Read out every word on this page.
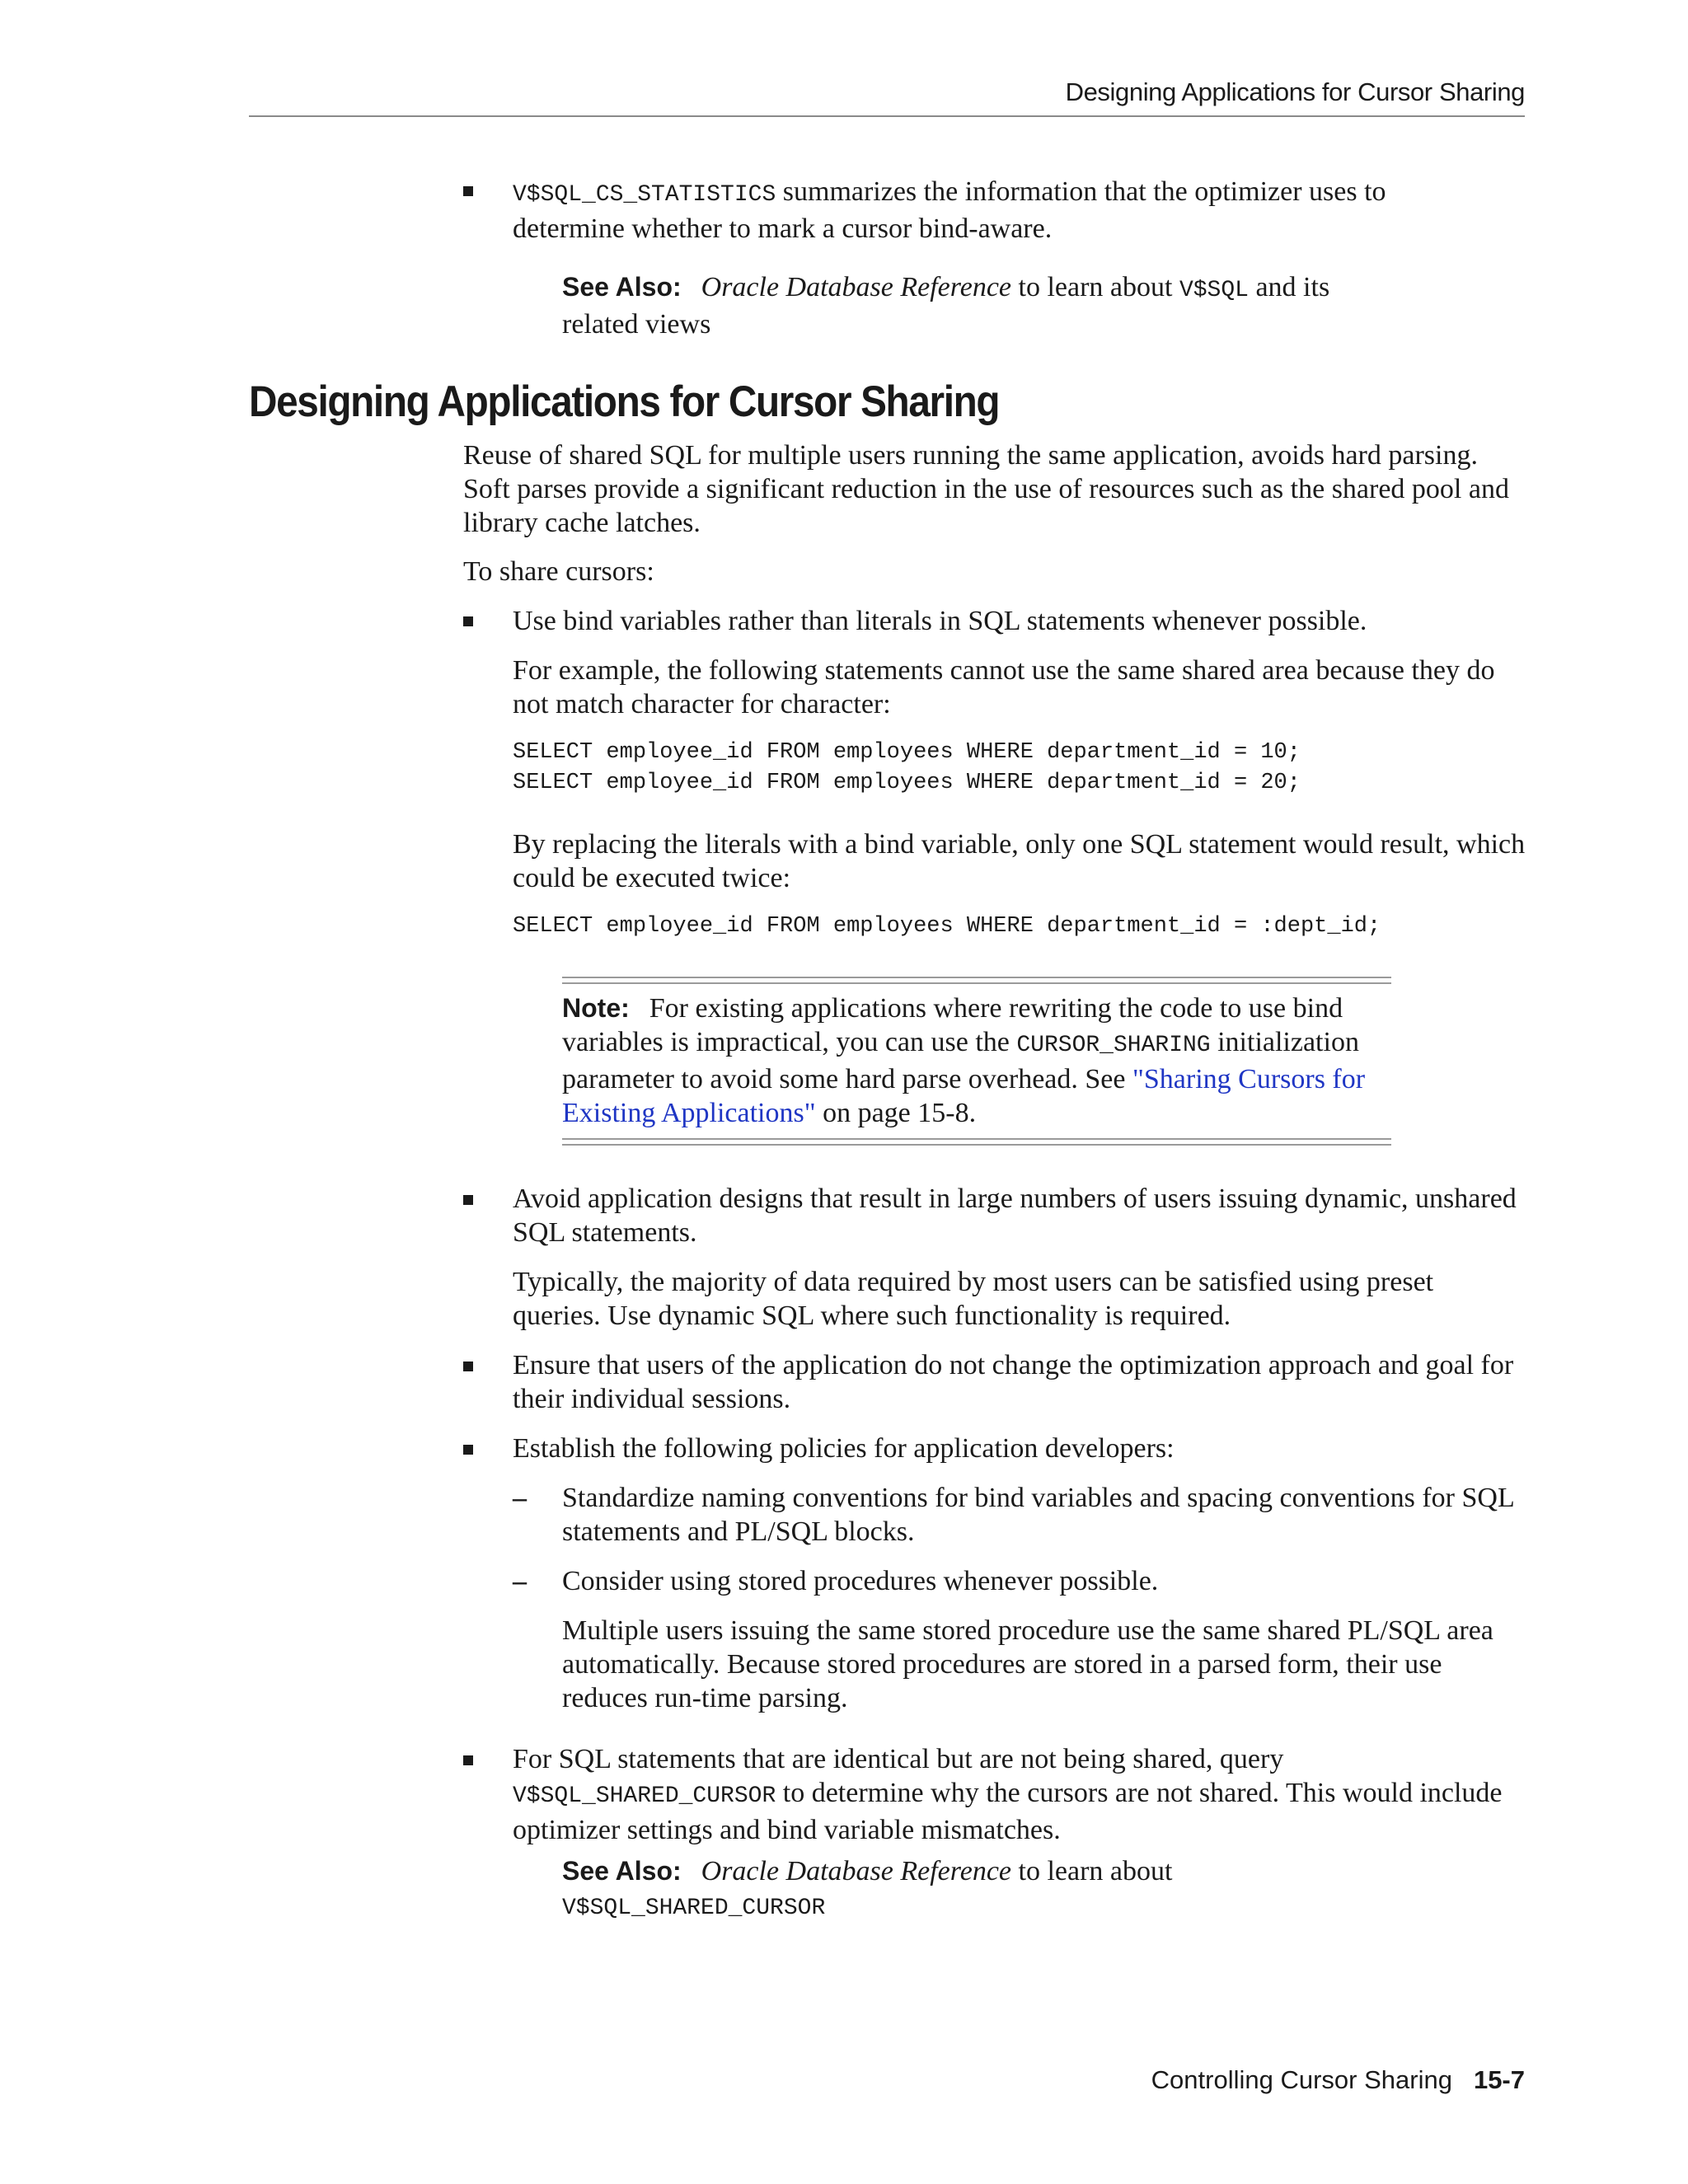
Designing Applications for Cursor Sharing
V$SQL_CS_STATISTICS summarizes the information that the optimizer uses to determine whether to mark a cursor bind-aware.
See Also: Oracle Database Reference to learn about V$SQL and its related views
Designing Applications for Cursor Sharing
Reuse of shared SQL for multiple users running the same application, avoids hard parsing. Soft parses provide a significant reduction in the use of resources such as the shared pool and library cache latches.
To share cursors:
Use bind variables rather than literals in SQL statements whenever possible.
For example, the following statements cannot use the same shared area because they do not match character for character:
SELECT employee_id FROM employees WHERE department_id = 10;
SELECT employee_id FROM employees WHERE department_id = 20;
By replacing the literals with a bind variable, only one SQL statement would result, which could be executed twice:
SELECT employee_id FROM employees WHERE department_id = :dept_id;
Note: For existing applications where rewriting the code to use bind variables is impractical, you can use the CURSOR_SHARING initialization parameter to avoid some hard parse overhead. See "Sharing Cursors for Existing Applications" on page 15-8.
Avoid application designs that result in large numbers of users issuing dynamic, unshared SQL statements.
Typically, the majority of data required by most users can be satisfied using preset queries. Use dynamic SQL where such functionality is required.
Ensure that users of the application do not change the optimization approach and goal for their individual sessions.
Establish the following policies for application developers:
– Standardize naming conventions for bind variables and spacing conventions for SQL statements and PL/SQL blocks.
– Consider using stored procedures whenever possible.
Multiple users issuing the same stored procedure use the same shared PL/SQL area automatically. Because stored procedures are stored in a parsed form, their use reduces run-time parsing.
For SQL statements that are identical but are not being shared, query V$SQL_SHARED_CURSOR to determine why the cursors are not shared. This would include optimizer settings and bind variable mismatches.
See Also: Oracle Database Reference to learn about
V$SQL_SHARED_CURSOR
Controlling Cursor Sharing 15-7
